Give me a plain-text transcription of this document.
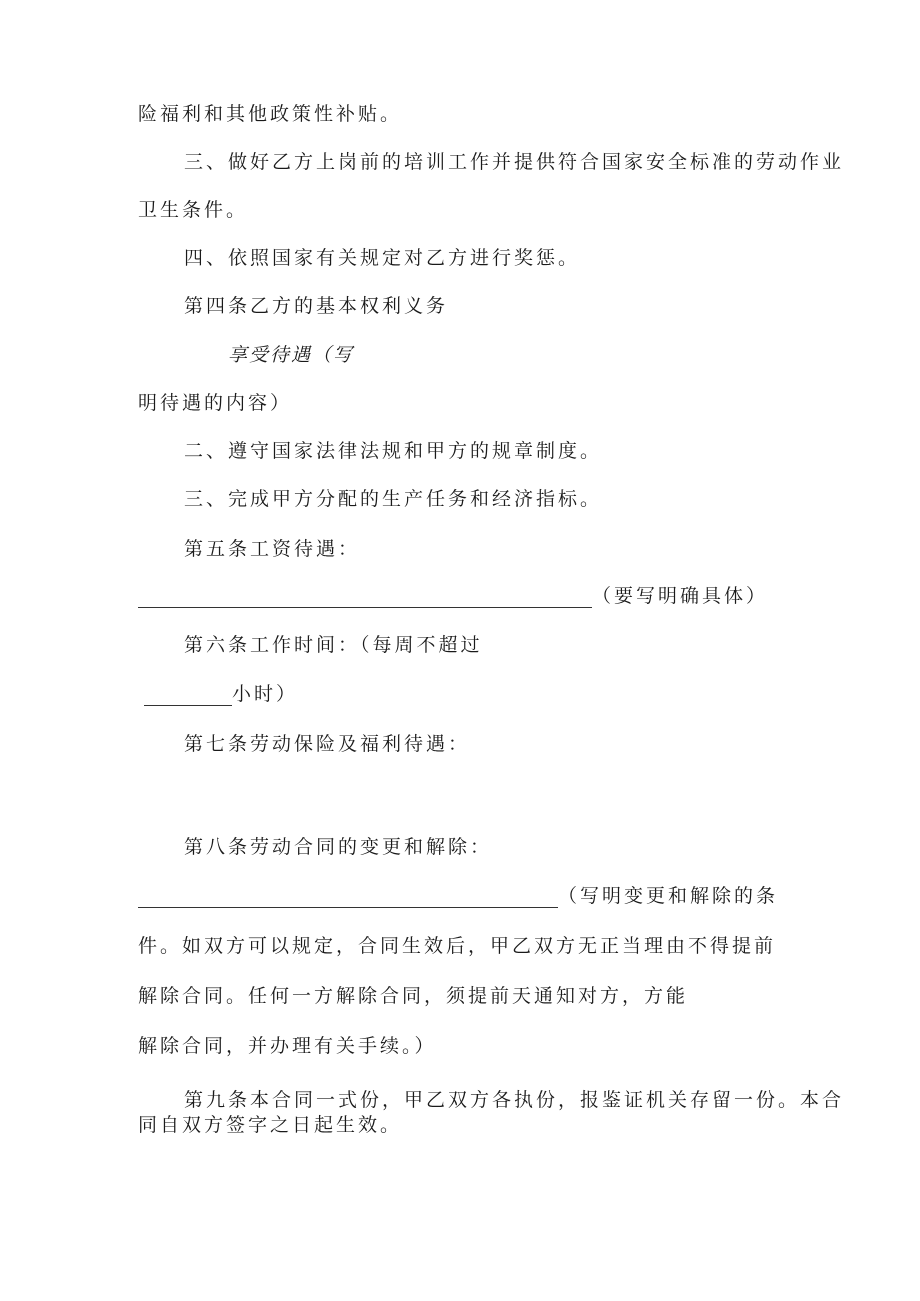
险福利和其他政策性补贴。
三、做好乙方上岗前的培训工作并提供符合国家安全标准的劳动作业
卫生条件。
四、依照国家有关规定对乙方进行奖惩。
第四条乙方的基本权利义务
享受待遇（写
明待遇的内容）
二、遵守国家法律法规和甲方的规章制度。
三、完成甲方分配的生产任务和经济指标。
第五条工资待遇：
（要写明确具体）
第六条工作时间：（每周不超过
小时）
第七条劳动保险及福利待遇：
第八条劳动合同的变更和解除：
（写明变更和解除的条
件。如双方可以规定，合同生效后，甲乙双方无正当理由不得提前
解除合同。任何一方解除合同，须提前天通知对方，方能
解除合同，并办理有关手续。）
第九条本合同一式份，甲乙双方各执份，报鉴证机关存留一份。本合
同自双方签字之日起生效。
